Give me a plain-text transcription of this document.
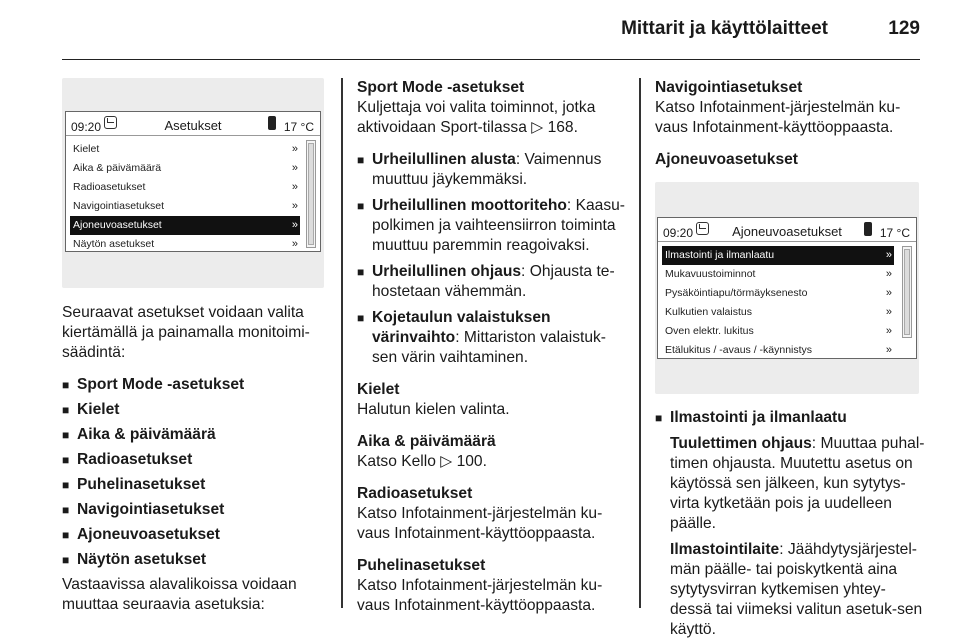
Mittarit ja käyttölaitteet	129
09:20	Asetukset	17 °C
Kielet	»
Aika & päivämäärä	»
Radioasetukset	»
Navigointiasetukset	»
Ajoneuvoasetukset	»
Näytön asetukset	»

Seuraavat asetukset voidaan valita kiertämällä ja painamalla monitoimi-säädintä:

■ Sport Mode -asetukset
■ Kielet
■ Aika & päivämäärä
■ Radioasetukset
■ Puhelinasetukset
■ Navigointiasetukset
■ Ajoneuvoasetukset
■ Näytön asetukset

Vastaavissa alavalikoissa voidaan muuttaa seuraavia asetuksia:

Sport Mode -asetukset
Kuljettaja voi valita toiminnot, jotka aktivoidaan Sport-tilassa ▷ 168.
■ Urheilullinen alusta: Vaimennus muuttuu jäykemmäksi.
■ Urheilullinen moottoriteho: Kaasu-polkimen ja vaihteensiirron toiminta muuttuu paremmin reagoivaksi.
■ Urheilullinen ohjaus: Ohjausta te-hostetaan vähemmän.
■ Kojetaulun valaistuksen värinvaihto: Mittariston valaistuk-sen värin vaihtaminen.
Kielet
Halutun kielen valinta.
Aika & päivämäärä
Katso Kello ▷ 100.
Radioasetukset
Katso Infotainment-järjestelmän ku-vaus Infotainment-käyttöoppaasta.
Puhelinasetukset
Katso Infotainment-järjestelmän ku-vaus Infotainment-käyttöoppaasta.
Navigointiasetukset
Katso Infotainment-järjestelmän ku-vaus Infotainment-käyttöoppaasta.
Ajoneuvoasetukset
09:20	Ajoneuvoasetukset	17 °C
Ilmastointi ja ilmanlaatu	»
Mukavuustoiminnot	»
Pysäköintiapu/törmäyksenesto	»
Kulkutien valaistus	»
Oven elektr. lukitus	»
Etälukitus / -avaus / -käynnistys	»
■ Ilmastointi ja ilmanlaatu
Tuulettimen ohjaus: Muuttaa puhal-timen ohjausta. Muutettu asetus on käytössä sen jälkeen, kun sytytys-virta kytketään pois ja uudelleen päälle.
Ilmastointilaite: Jäähdytysjärjestel-män päälle- tai poiskytkentä aina sytytysvirran kytkemisen yhtey-dessä tai viimeksi valitun asetuk-sen käyttö.
